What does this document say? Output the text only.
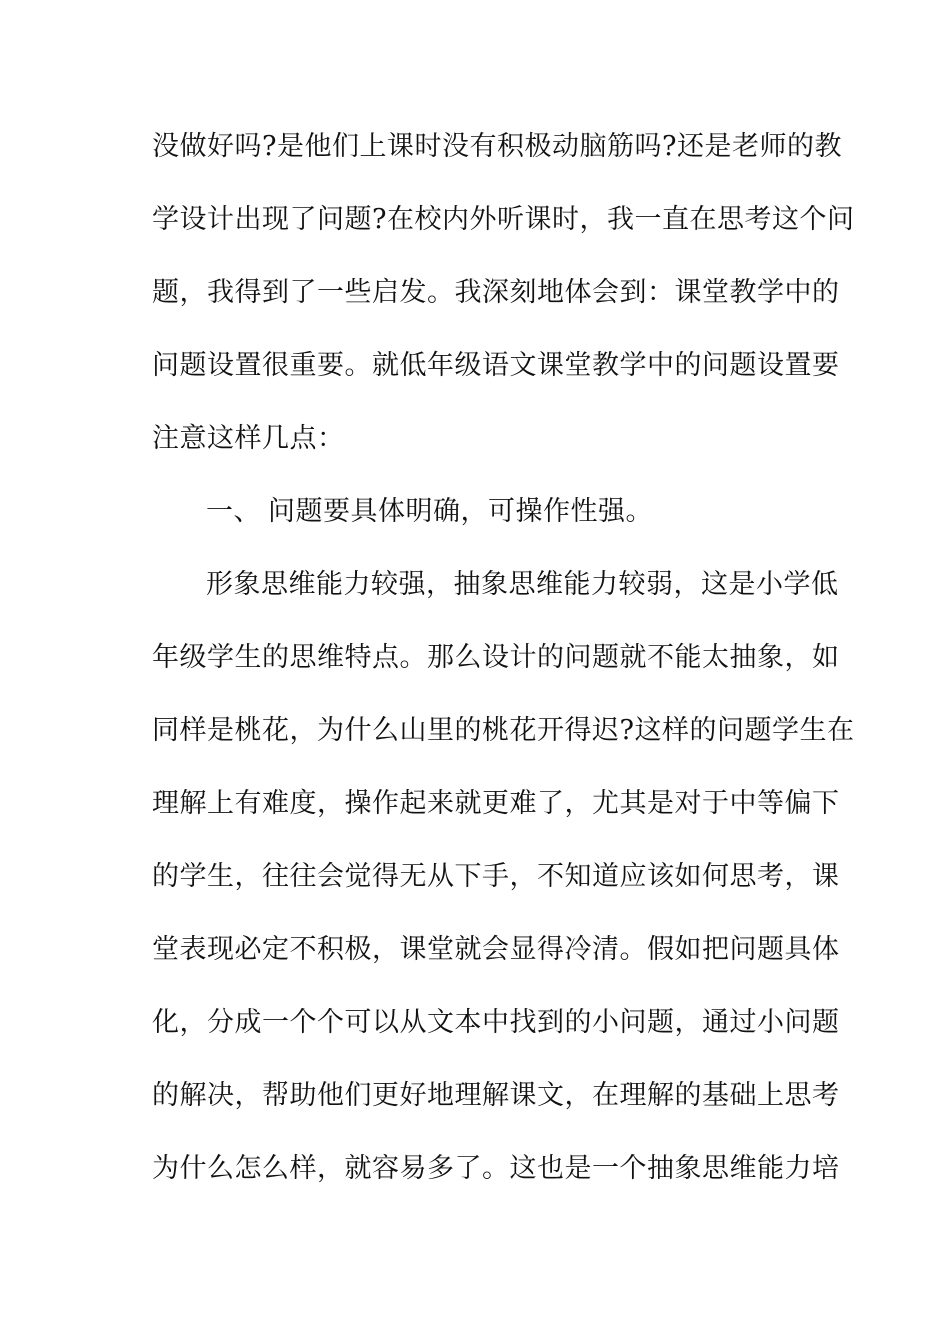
没做好吗?是他们上课时没有积极动脑筋吗?还是老师的教
学设计出现了问题?在校内外听课时，我一直在思考这个问
题，我得到了一些启发。我深刻地体会到：课堂教学中的
问题设置很重要。就低年级语文课堂教学中的问题设置要
注意这样几点：
一、 问题要具体明确，可操作性强。
形象思维能力较强，抽象思维能力较弱，这是小学低
年级学生的思维特点。那么设计的问题就不能太抽象，如
同样是桃花，为什么山里的桃花开得迟?这样的问题学生在
理解上有难度，操作起来就更难了，尤其是对于中等偏下
的学生，往往会觉得无从下手，不知道应该如何思考，课
堂表现必定不积极，课堂就会显得冷清。假如把问题具体
化，分成一个个可以从文本中找到的小问题，通过小问题
的解决，帮助他们更好地理解课文，在理解的基础上思考
为什么怎么样，就容易多了。这也是一个抽象思维能力培
